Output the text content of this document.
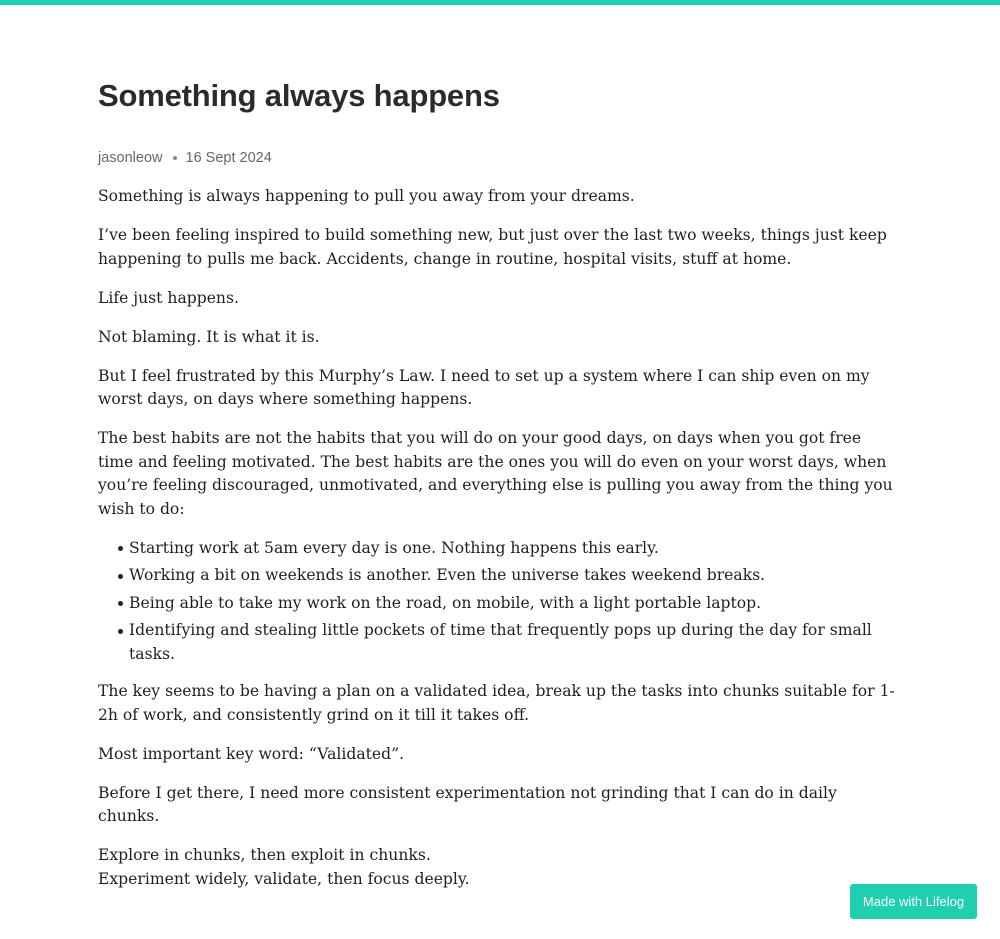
Something always happens
jasonleow 16 Sept 2024

Something is always happening to pull you away from your dreams.

I’ve been feeling inspired to build something new, but just over the last two weeks, things just keep happening to pulls me back. Accidents, change in routine, hospital visits, stuff at home.

Life just happens.

Not blaming. It is what it is.

But I feel frustrated by this Murphy’s Law. I need to set up a system where I can ship even on my worst days, on days where something happens.

The best habits are not the habits that you will do on your good days, on days when you got free time and feeling motivated. The best habits are the ones you will do even on your worst days, when you’re feeling discouraged, unmotivated, and everything else is pulling you away from the thing you wish to do:

Starting work at 5am every day is one. Nothing happens this early.
Working a bit on weekends is another. Even the universe takes weekend breaks.
Being able to take my work on the road, on mobile, with a light portable laptop.
Identifying and stealing little pockets of time that frequently pops up during the day for small tasks.

The key seems to be having a plan on a validated idea, break up the tasks into chunks suitable for 1-2h of work, and consistently grind on it till it takes off.

Most important key word: “Validated”.

Before I get there, I need more consistent experimentation not grinding that I can do in daily chunks.

Explore in chunks, then exploit in chunks.
Experiment widely, validate, then focus deeply.

Made with Lifelog
